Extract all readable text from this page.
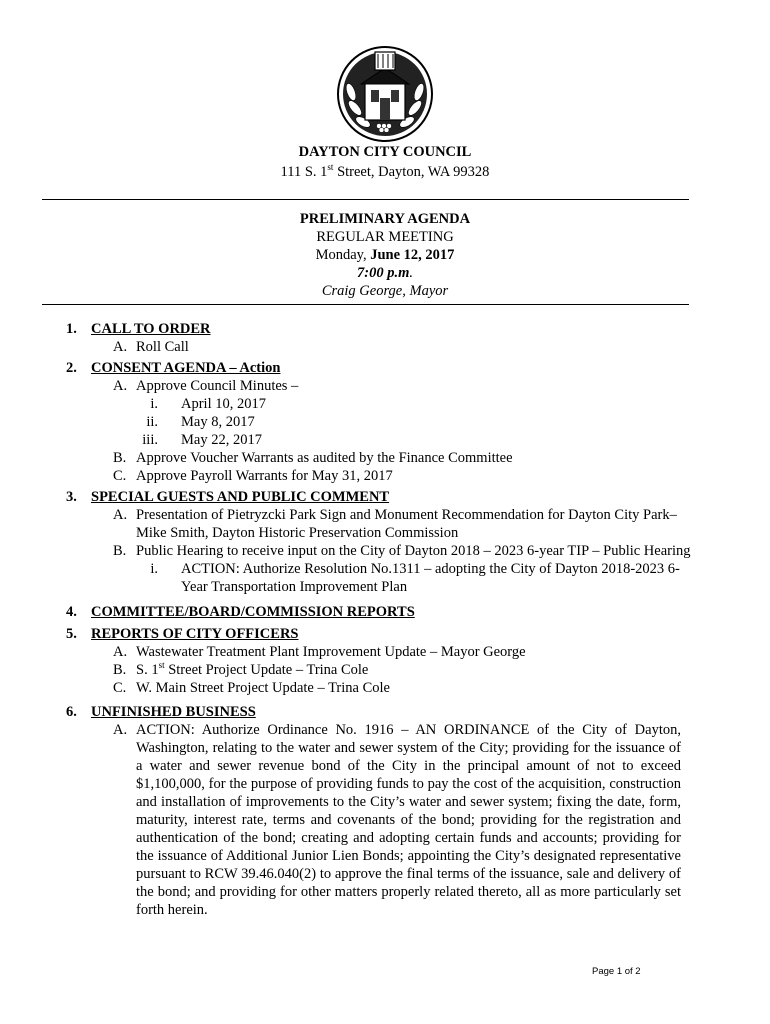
DAYTON CITY COUNCIL
111 S. 1st Street, Dayton, WA 99328
PRELIMINARY AGENDA
REGULAR MEETING
Monday, June 12, 2017
7:00 p.m.
Craig George, Mayor
1. CALL TO ORDER
A. Roll Call
2. CONSENT AGENDA – Action
A. Approve Council Minutes –
i. April 10, 2017
ii. May 8, 2017
iii. May 22, 2017
B. Approve Voucher Warrants as audited by the Finance Committee
C. Approve Payroll Warrants for May 31, 2017
3. SPECIAL GUESTS AND PUBLIC COMMENT
A. Presentation of Pietryzcki Park Sign and Monument Recommendation for Dayton City Park–
Mike Smith, Dayton Historic Preservation Commission
B. Public Hearing to receive input on the City of Dayton 2018 – 2023 6-year TIP – Public Hearing
i. ACTION: Authorize Resolution No.1311 – adopting the City of Dayton 2018-2023 6-
Year Transportation Improvement Plan
4. COMMITTEE/BOARD/COMMISSION REPORTS
5. REPORTS OF CITY OFFICERS
A. Wastewater Treatment Plant Improvement Update – Mayor George
B. S. 1st Street Project Update – Trina Cole
C. W. Main Street Project Update – Trina Cole
6. UNFINISHED BUSINESS
A. ACTION: Authorize Ordinance No. 1916 – AN ORDINANCE of the City of Dayton, Washington, relating to the water and sewer system of the City; providing for the issuance of a water and sewer revenue bond of the City in the principal amount of not to exceed $1,100,000, for the purpose of providing funds to pay the cost of the acquisition, construction and installation of improvements to the City’s water and sewer system; fixing the date, form, maturity, interest rate, terms and covenants of the bond; providing for the registration and authentication of the bond; creating and adopting certain funds and accounts; providing for the issuance of Additional Junior Lien Bonds; appointing the City’s designated representative pursuant to RCW 39.46.040(2) to approve the final terms of the issuance, sale and delivery of the bond; and providing for other matters properly related thereto, all as more particularly set forth herein.
Page 1 of 2
